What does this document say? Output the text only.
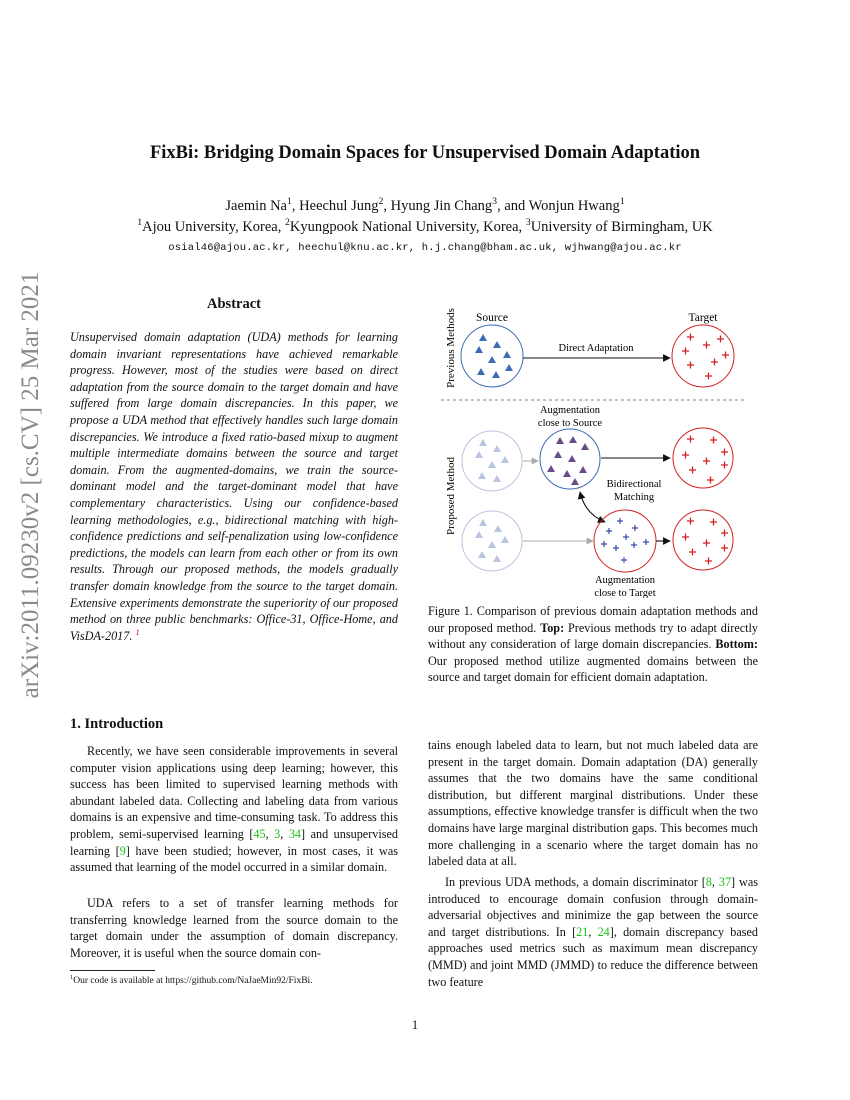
arXiv:2011.09230v2 [cs.CV] 25 Mar 2021
FixBi: Bridging Domain Spaces for Unsupervised Domain Adaptation
Jaemin Na$^1$, Heechul Jung$^2$, Hyung Jin Chang$^3$, and Wonjun Hwang$^1$
$^1$Ajou University, Korea, $^2$Kyungpook National University, Korea, $^3$University of Birmingham, UK
osial46@ajou.ac.kr, heechul@knu.ac.kr, h.j.chang@bham.ac.uk, wjhwang@ajou.ac.kr
Abstract
Unsupervised domain adaptation (UDA) methods for learning domain invariant representations have achieved remarkable progress. However, most of the studies were based on direct adaptation from the source domain to the target domain and have suffered from large domain discrepancies. In this paper, we propose a UDA method that effectively handles such large domain discrepancies. We introduce a fixed ratio-based mixup to augment multiple intermediate domains between the source and target domain. From the augmented-domains, we train the source-dominant model and the target-dominant model that have complementary characteristics. Using our confidence-based learning methodologies, e.g., bidirectional matching with high-confidence predictions and self-penalization using low-confidence predictions, the models can learn from each other or from its own results. Through our proposed methods, the models gradually transfer domain knowledge from the source to the target domain. Extensive experiments demonstrate the superiority of our proposed method on three public benchmarks: Office-31, Office-Home, and VisDA-2017. $^1$
1. Introduction
Recently, we have seen considerable improvements in several computer vision applications using deep learning; however, this success has been limited to supervised learning methods with abundant labeled data. Collecting and labeling data from various domains is an expensive and time-consuming task. To address this problem, semi-supervised learning [45, 3, 34] and unsupervised learning [9] have been studied; however, in most cases, it was assumed that learning of the model occurred in a similar domain.
UDA refers to a set of transfer learning methods for transferring knowledge learned from the source domain to the target domain under the assumption of domain discrepancy. Moreover, it is useful when the source domain con-
$^1$Our code is available at https://github.com/NaJaeMin92/FixBi.
Previous Methods
Proposed Method
Source	Target
Direct Adaptation
Augmentation
close to Source
Bidirectional
Matching
Augmentation
close to Target
Figure 1. Comparison of previous domain adaptation methods and our proposed method. Top: Previous methods try to adapt directly without any consideration of large domain discrepancies. Bottom: Our proposed method utilize augmented domains between the source and target domain for efficient domain adaptation.
tains enough labeled data to learn, but not much labeled data are present in the target domain. Domain adaptation (DA) generally assumes that the two domains have the same conditional distribution, but different marginal distributions. Under these assumptions, effective knowledge transfer is difficult when the two domains have large marginal distribution gaps. This becomes much more challenging in a scenario where the target domain has no labeled data at all.
In previous UDA methods, a domain discriminator [8, 37] was introduced to encourage domain confusion through domain-adversarial objectives and minimize the gap between the source and target distributions. In [21, 24], domain discrepancy based approaches used metrics such as maximum mean discrepancy (MMD) and joint MMD (JMMD) to reduce the difference between two feature
1
